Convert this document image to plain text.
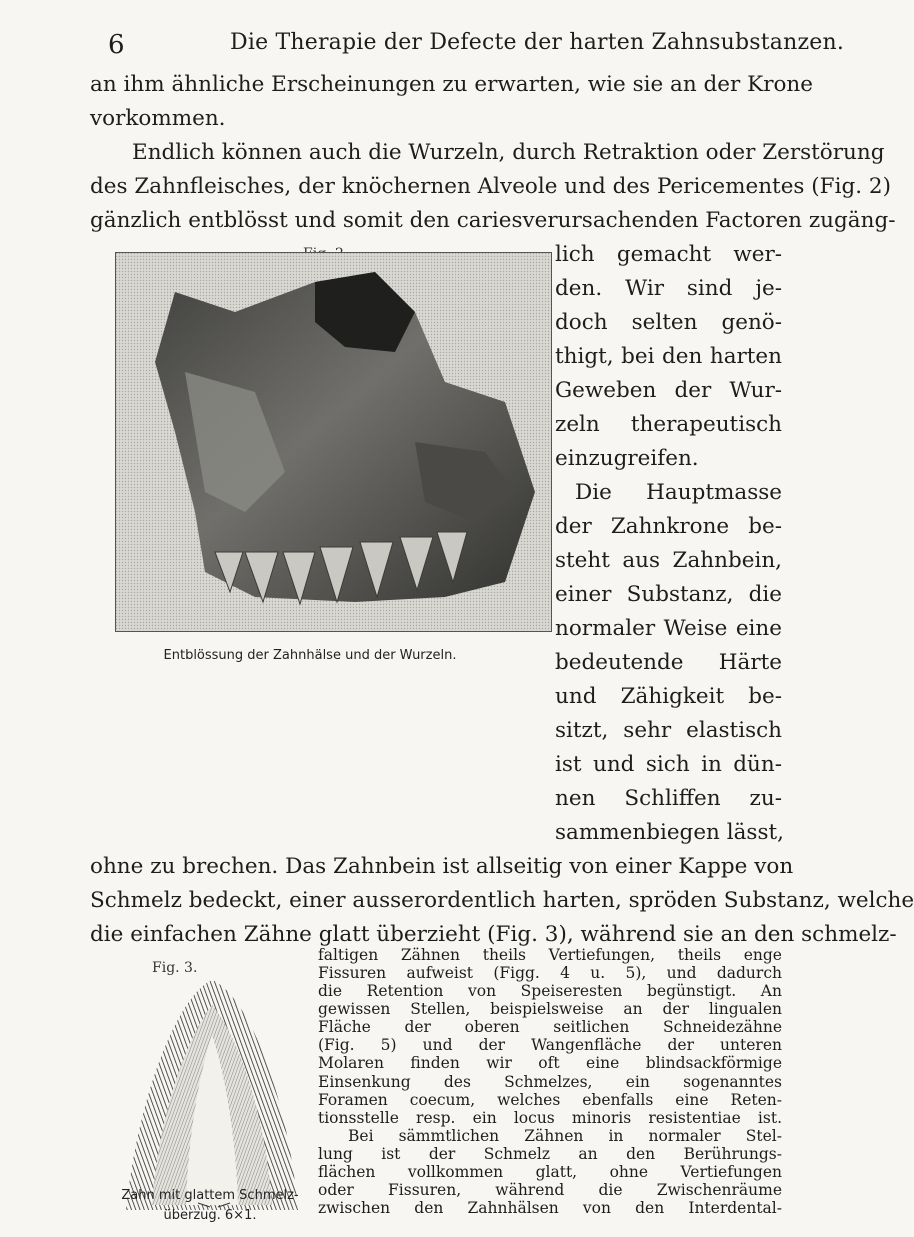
6	Die Therapie der Defecte der harten Zahnsubstanzen.
an ihm ähnliche Erscheinungen zu erwarten, wie sie an der Krone
vorkommen.
Endlich können auch die Wurzeln, durch Retraktion oder Zerstörung
des Zahnfleisches, der knöchernen Alveole und des Pericementes (Fig. 2)
gänzlich entblösst und somit den cariesverursachenden Factoren zugäng-
Entblössung der Zahnhälse und der Wurzeln.
lich gemacht wer-
den. Wir sind je-
doch selten genö-
thigt, bei den harten
Geweben der Wur-
zeln therapeutisch
einzugreifen.
Die Hauptmasse
der Zahnkrone be-
steht aus Zahnbein,
einer Substanz, die
normaler Weise eine
bedeutende Härte
und Zähigkeit be-
sitzt, sehr elastisch
ist und sich in dün-
nen Schliffen zu-
sammenbiegen lässt,
ohne zu brechen. Das Zahnbein ist allseitig von einer Kappe von
Schmelz bedeckt, einer ausserordentlich harten, spröden Substanz, welche
die einfachen Zähne glatt überzieht (Fig. 3), während sie an den schmelz-
Fig. 3.
Zahn mit glattem Schmelz-
überzug. 6×1.
faltigen Zähnen theils Vertiefungen, theils enge
Fissuren aufweist (Figg. 4 u. 5), und dadurch
die Retention von Speiseresten begünstigt. An
gewissen Stellen, beispielsweise an der lingualen
Fläche der oberen seitlichen Schneidezähne
(Fig. 5) und der Wangenfläche der unteren
Molaren finden wir oft eine blindsackförmige
Einsenkung des Schmelzes, ein sogenanntes
Foramen coecum, welches ebenfalls eine Reten-
tionsstelle resp. ein locus minoris resistentiae ist.
Bei sämmtlichen Zähnen in normaler Stel-
lung ist der Schmelz an den Berührungs-
flächen vollkommen glatt, ohne Vertiefungen
oder Fissuren, während die Zwischenräume
zwischen den Zahnhälsen von den Interdental-
